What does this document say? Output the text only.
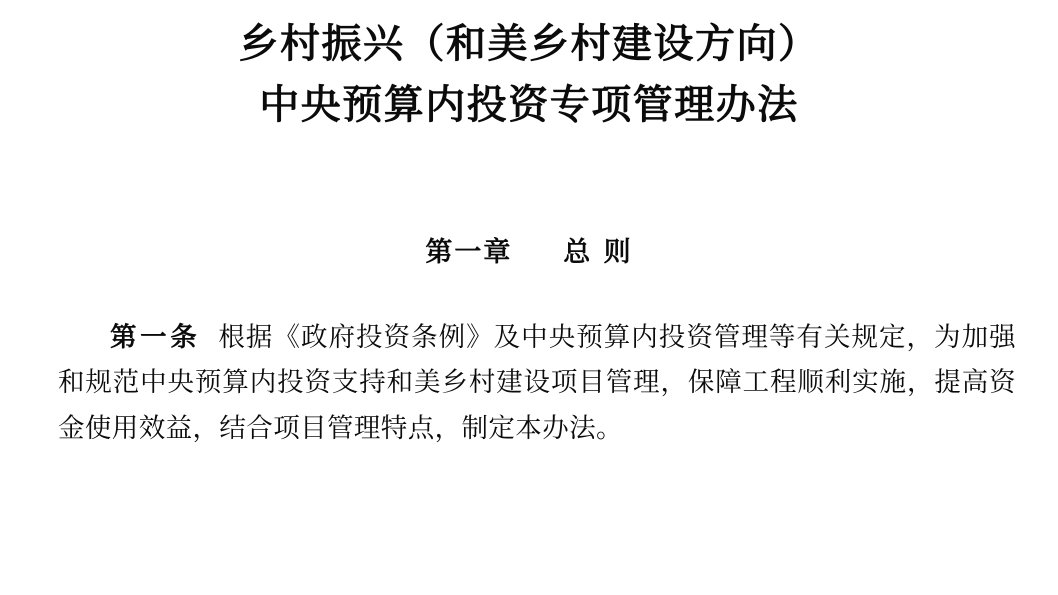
乡村振兴（和美乡村建设方向）
中央预算内投资专项管理办法
第一章 总 则

第一条 根据《政府投资条例》及中央预算内投资管理等有关规定，为加强和规范中央预算内投资支持和美乡村建设项目管理，保障工程顺利实施，提高资金使用效益，结合项目管理特点，制定本办法。
